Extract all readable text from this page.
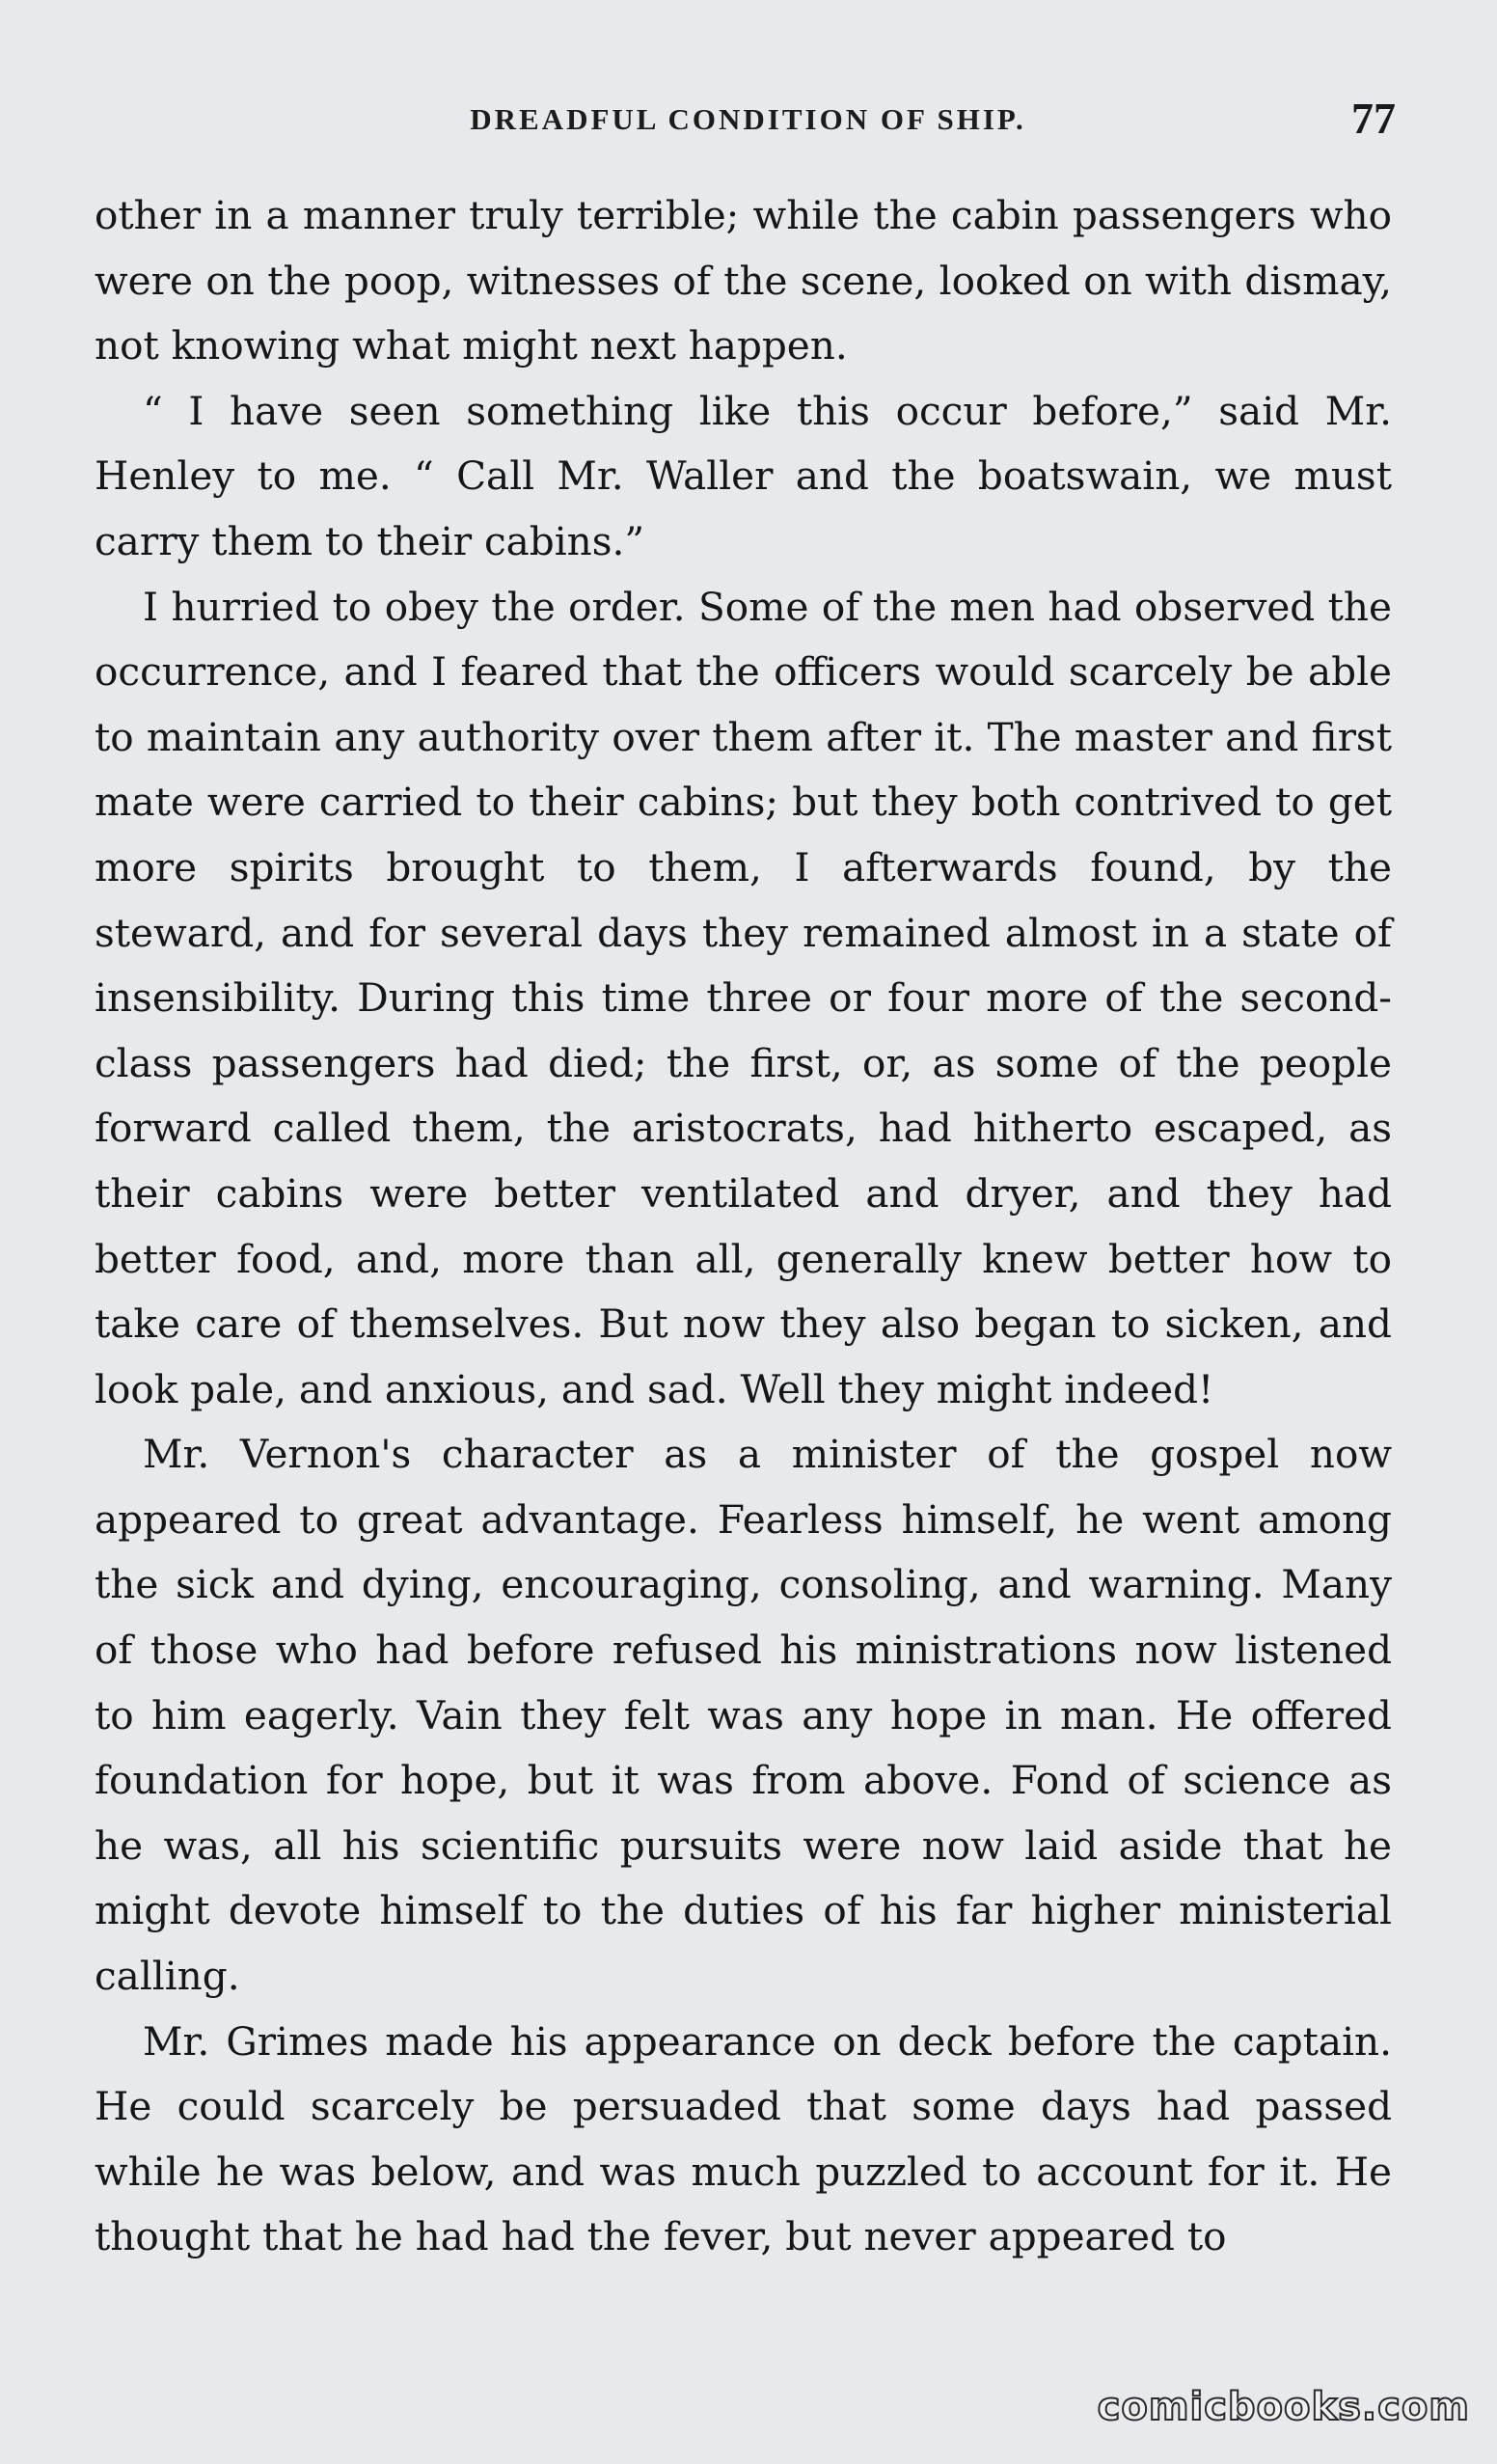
DREADFUL CONDITION OF SHIP.	77

other in a manner truly terrible; while the cabin passengers who were on the poop, witnesses of the scene, looked on with dismay, not knowing what might next happen.

“ I have seen something like this occur before,” said Mr. Henley to me. “ Call Mr. Waller and the boatswain, we must carry them to their cabins.”

I hurried to obey the order. Some of the men had observed the occurrence, and I feared that the officers would scarcely be able to maintain any authority over them after it. The master and first mate were carried to their cabins; but they both contrived to get more spirits brought to them, I afterwards found, by the steward, and for several days they remained almost in a state of insensibility. During this time three or four more of the second-class passengers had died; the first, or, as some of the people forward called them, the aristocrats, had hitherto escaped, as their cabins were better ventilated and dryer, and they had better food, and, more than all, generally knew better how to take care of themselves. But now they also began to sicken, and look pale, and anxious, and sad. Well they might indeed!

Mr. Vernon's character as a minister of the gospel now appeared to great advantage. Fearless himself, he went among the sick and dying, encouraging, consoling, and warning. Many of those who had before refused his ministrations now listened to him eagerly. Vain they felt was any hope in man. He offered foundation for hope, but it was from above. Fond of science as he was, all his scientific pursuits were now laid aside that he might devote himself to the duties of his far higher ministerial calling.

Mr. Grimes made his appearance on deck before the captain. He could scarcely be persuaded that some days had passed while he was below, and was much puzzled to account for it. He thought that he had had the fever, but never appeared to

comicbooks.com
